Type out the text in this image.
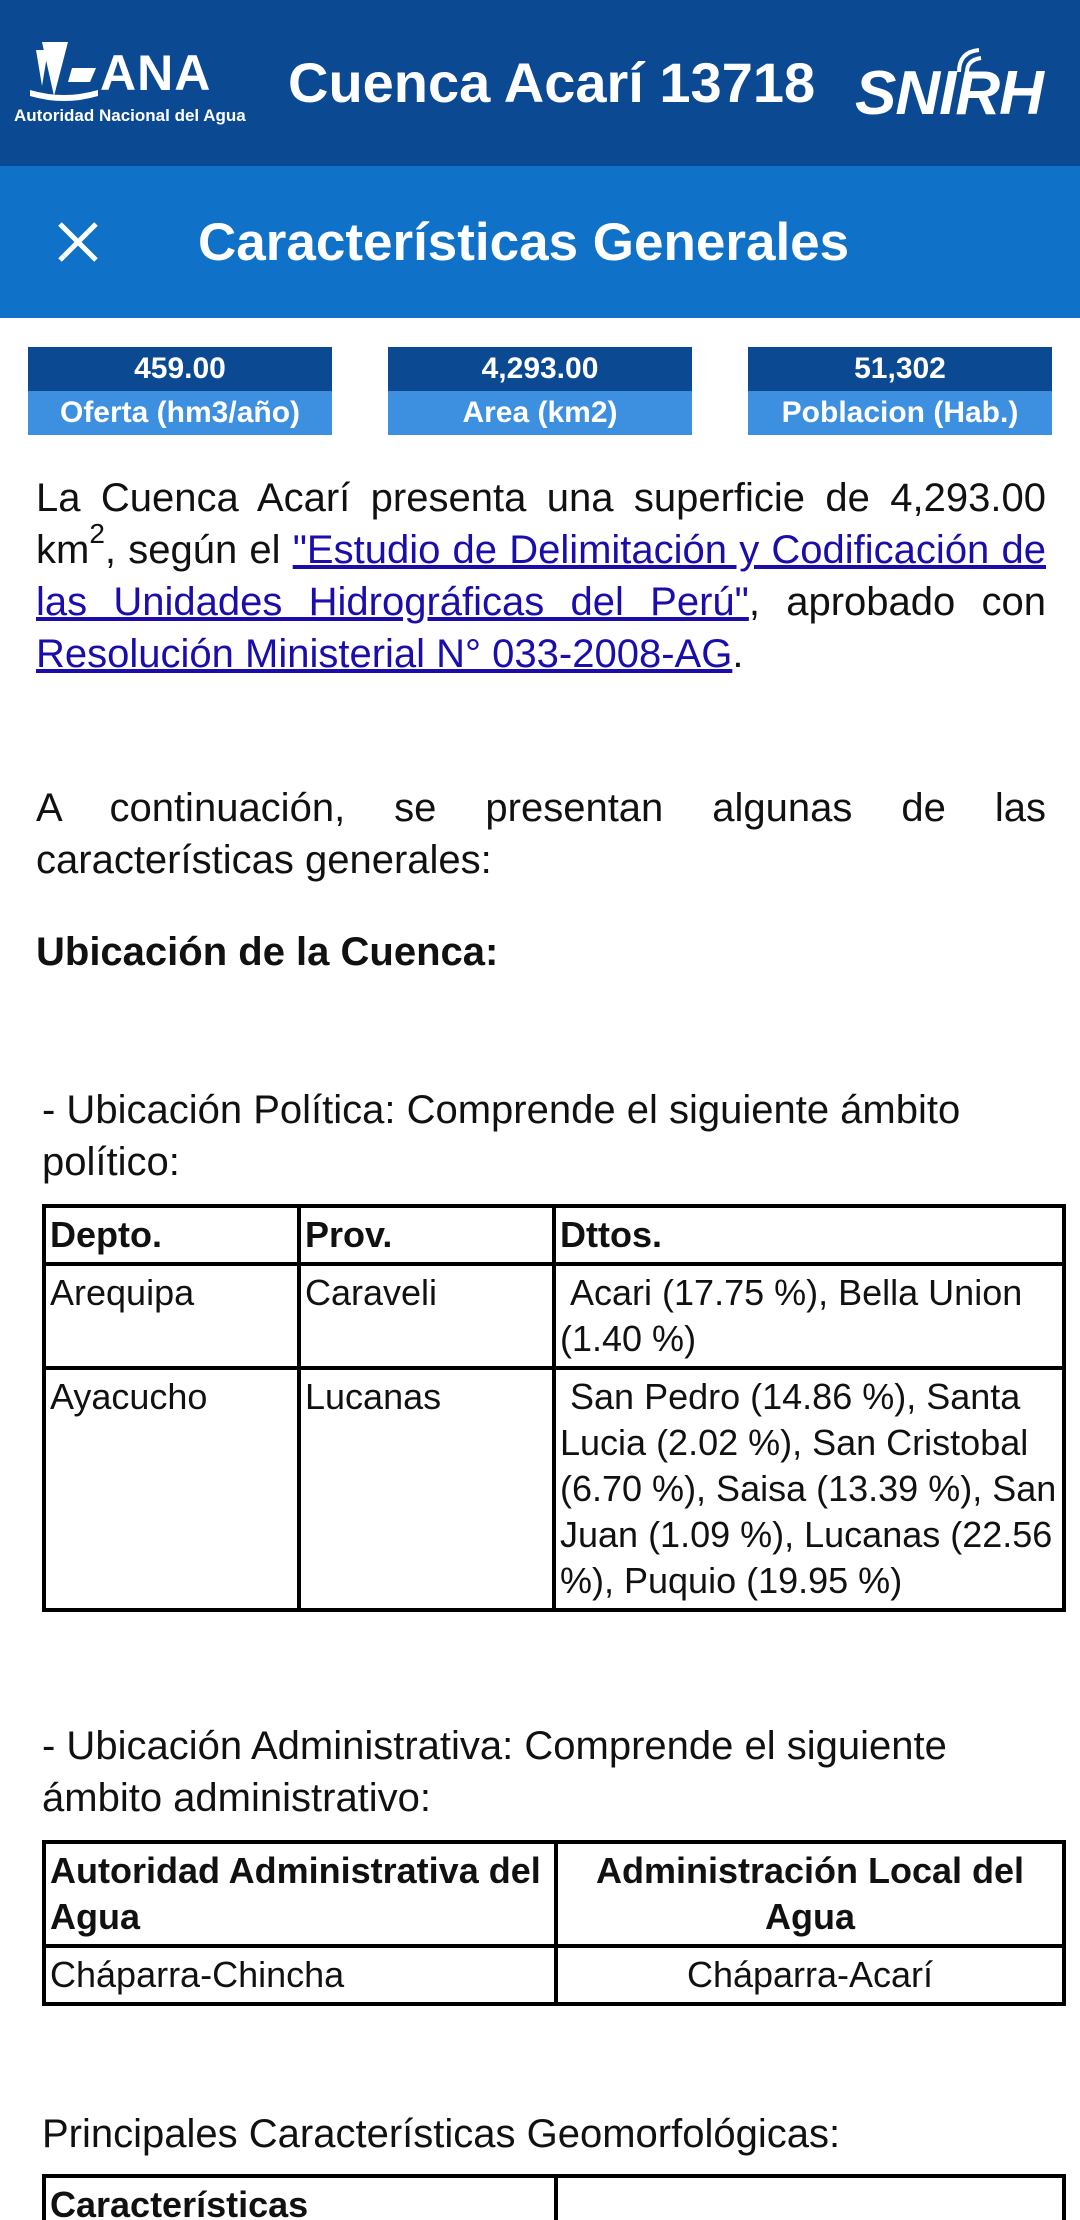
ANA
Autoridad Nacional del Agua
Cuenca Acarí 13718 SNIRH
Características Generales
459.00
Oferta (hm3/año)
4,293.00
Area (km2)
51,302
Poblacion (Hab.)

La Cuenca Acarí presenta una superficie de 4,293.00 $km^2$, según el "Estudio de Delimitación y Codificación de las Unidades Hidrográficas del Perú", aprobado con Resolución Ministerial N° 033-2008-AG.

A continuación, se presentan algunas de las características generales:

Ubicación de la Cuenca:

- Ubicación Política: Comprende el siguiente ámbito político:

Depto.	Prov.	Dttos.
Arequipa	Caraveli	Acari (17.75 %), Bella Union (1.40 %)
Ayacucho	Lucanas	San Pedro (14.86 %), Santa Lucia (2.02 %), San Cristobal (6.70 %), Saisa (13.39 %), San Juan (1.09 %), Lucanas (22.56 %), Puquio (19.95 %)

- Ubicación Administrativa: Comprende el siguiente ámbito administrativo:

Autoridad Administrativa del Agua	Administración Local del Agua
Cháparra-Chincha	Cháparra-Acarí

Principales Características Geomorfológicas:

Características	
